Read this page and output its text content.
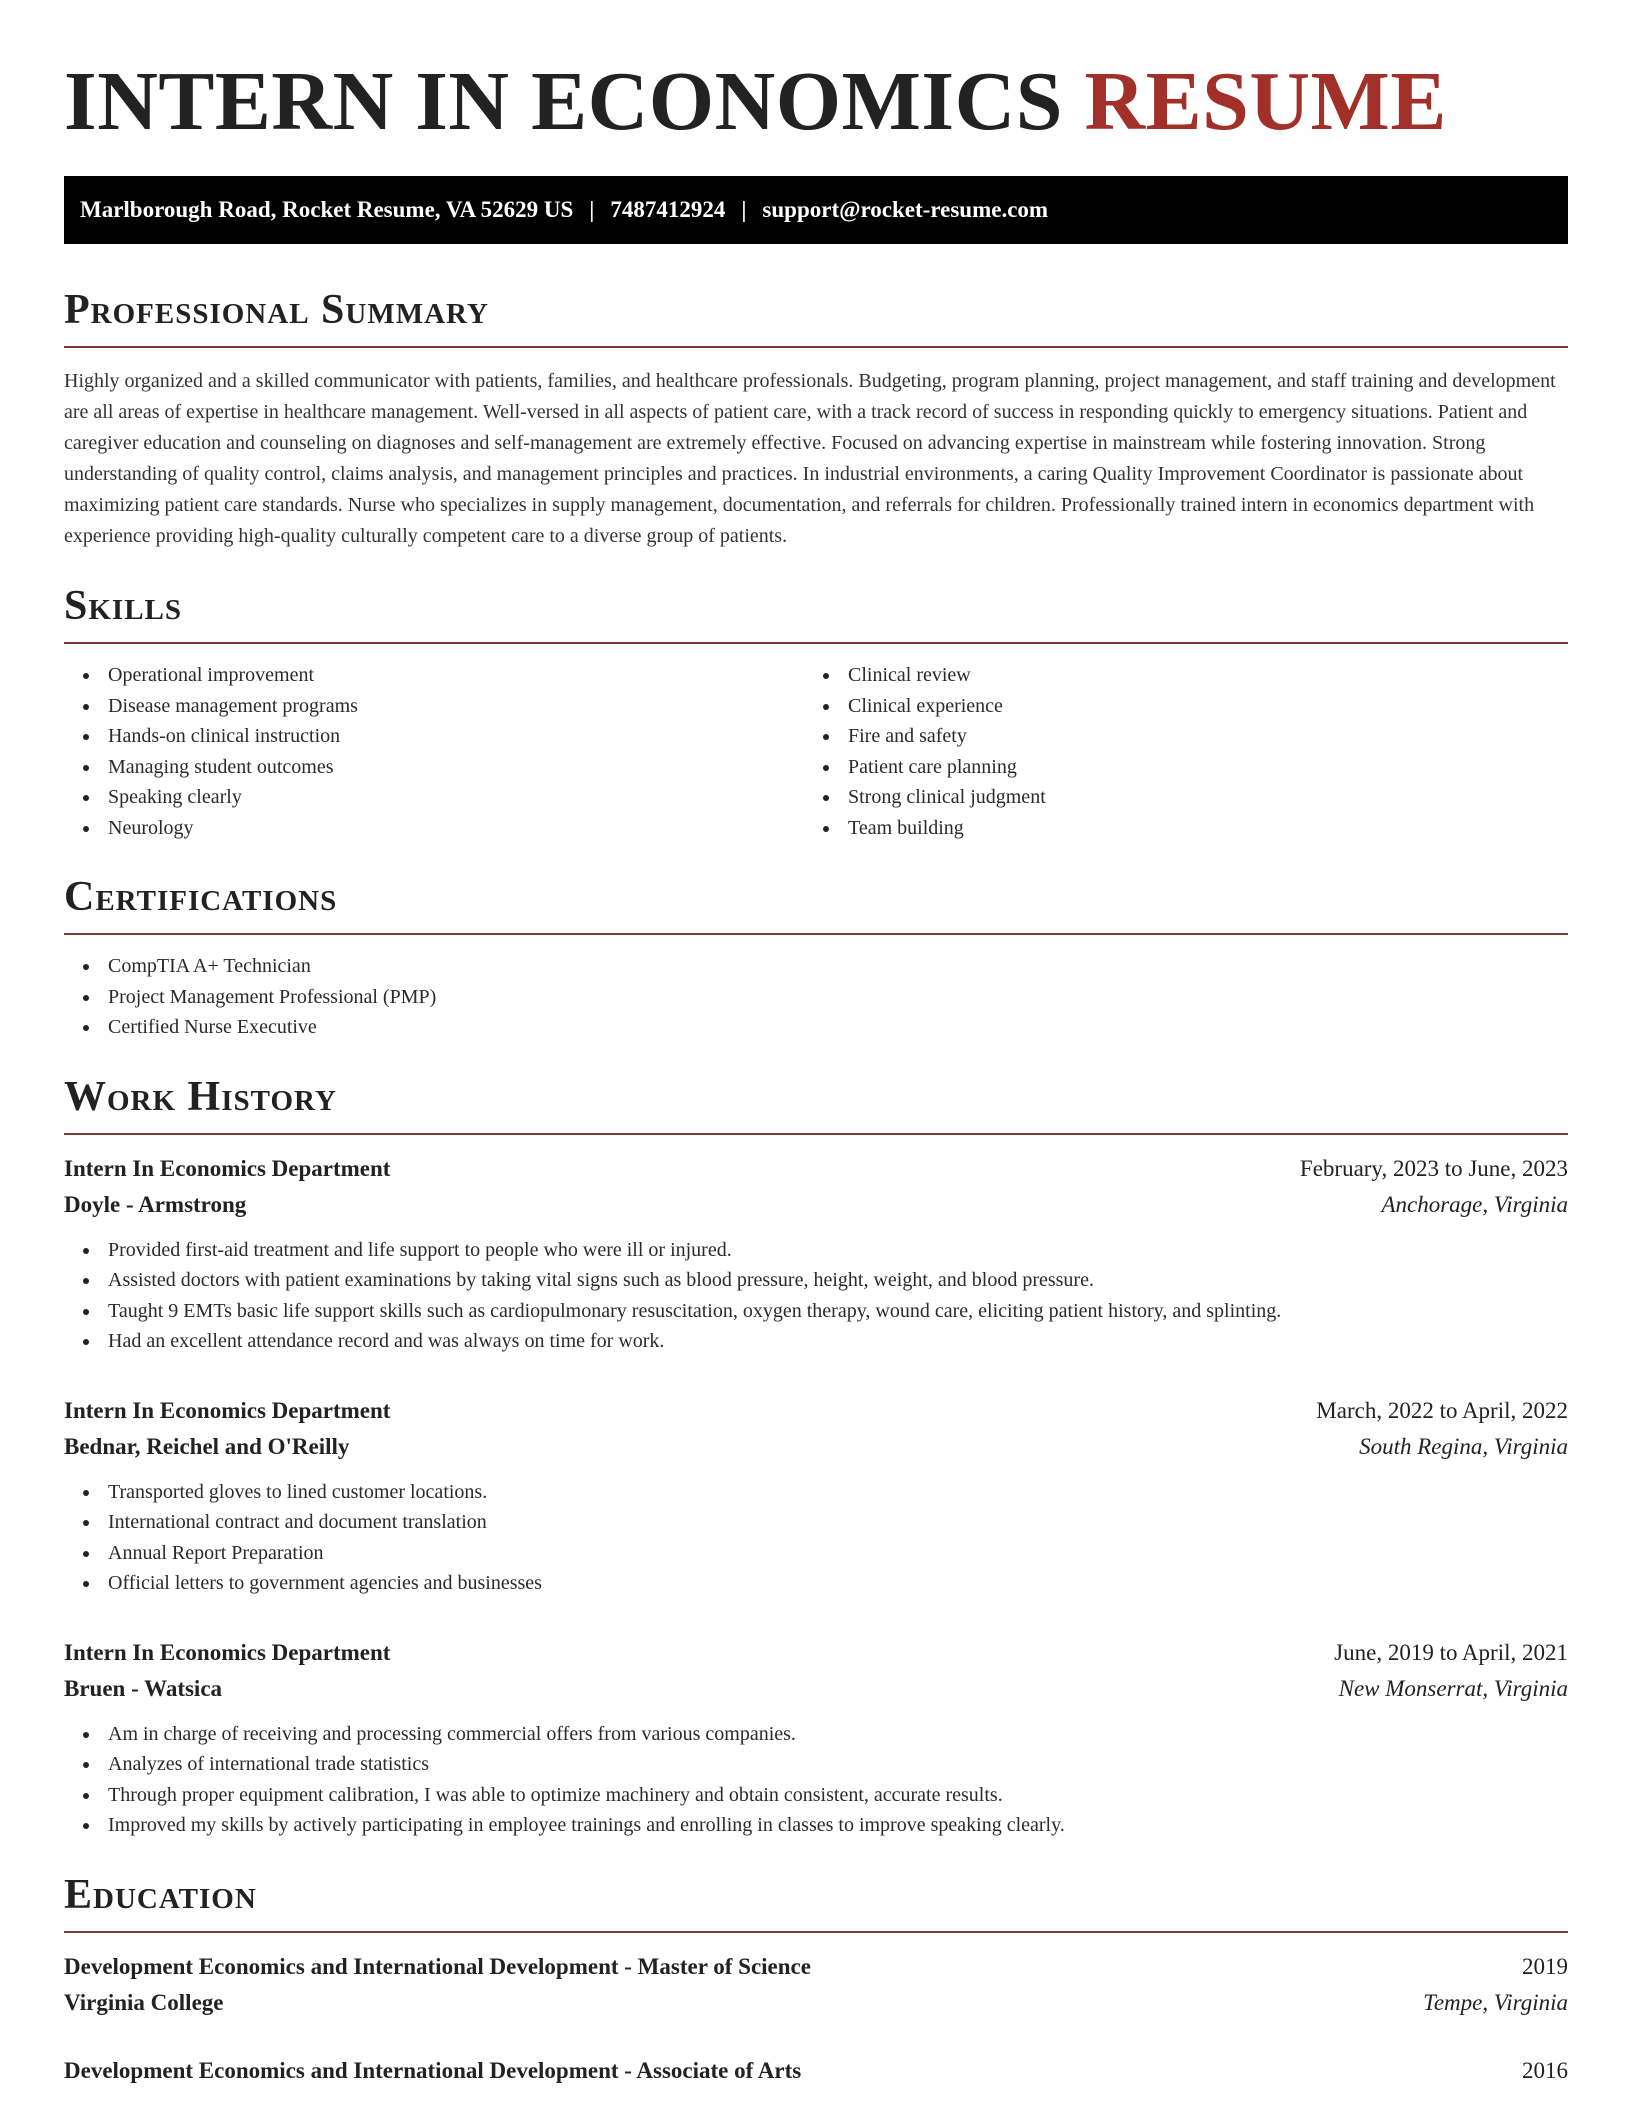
INTERN IN ECONOMICS RESUME
Marlborough Road, Rocket Resume, VA 52629 US | 7487412924 | support@rocket-resume.com
Professional Summary

Highly organized and a skilled communicator with patients, families, and healthcare professionals. Budgeting, program planning, project management, and staff training and development are all areas of expertise in healthcare management. Well-versed in all aspects of patient care, with a track record of success in responding quickly to emergency situations. Patient and caregiver education and counseling on diagnoses and self-management are extremely effective. Focused on advancing expertise in mainstream while fostering innovation. Strong understanding of quality control, claims analysis, and management principles and practices. In industrial environments, a caring Quality Improvement Coordinator is passionate about maximizing patient care standards. Nurse who specializes in supply management, documentation, and referrals for children. Professionally trained intern in economics department with experience providing high-quality culturally competent care to a diverse group of patients.

Skills
Operational improvement
Disease management programs
Hands-on clinical instruction
Managing student outcomes
Speaking clearly
Neurology
Clinical review
Clinical experience
Fire and safety
Patient care planning
Strong clinical judgment
Team building
Certifications
CompTIA A+ Technician
Project Management Professional (PMP)
Certified Nurse Executive
Work History
Intern In Economics Department	February, 2023 to June, 2023
Doyle - Armstrong	Anchorage, Virginia
Provided first-aid treatment and life support to people who were ill or injured.
Assisted doctors with patient examinations by taking vital signs such as blood pressure, height, weight, and blood pressure.
Taught 9 EMTs basic life support skills such as cardiopulmonary resuscitation, oxygen therapy, wound care, eliciting patient history, and splinting.
Had an excellent attendance record and was always on time for work.
Intern In Economics Department	March, 2022 to April, 2022
Bednar, Reichel and O'Reilly	South Regina, Virginia
Transported gloves to lined customer locations.
International contract and document translation
Annual Report Preparation
Official letters to government agencies and businesses
Intern In Economics Department	June, 2019 to April, 2021
Bruen - Watsica	New Monserrat, Virginia
Am in charge of receiving and processing commercial offers from various companies.
Analyzes of international trade statistics
Through proper equipment calibration, I was able to optimize machinery and obtain consistent, accurate results.
Improved my skills by actively participating in employee trainings and enrolling in classes to improve speaking clearly.
Education
Development Economics and International Development - Master of Science	2019
Virginia College	Tempe, Virginia
Development Economics and International Development - Associate of Arts	2016
